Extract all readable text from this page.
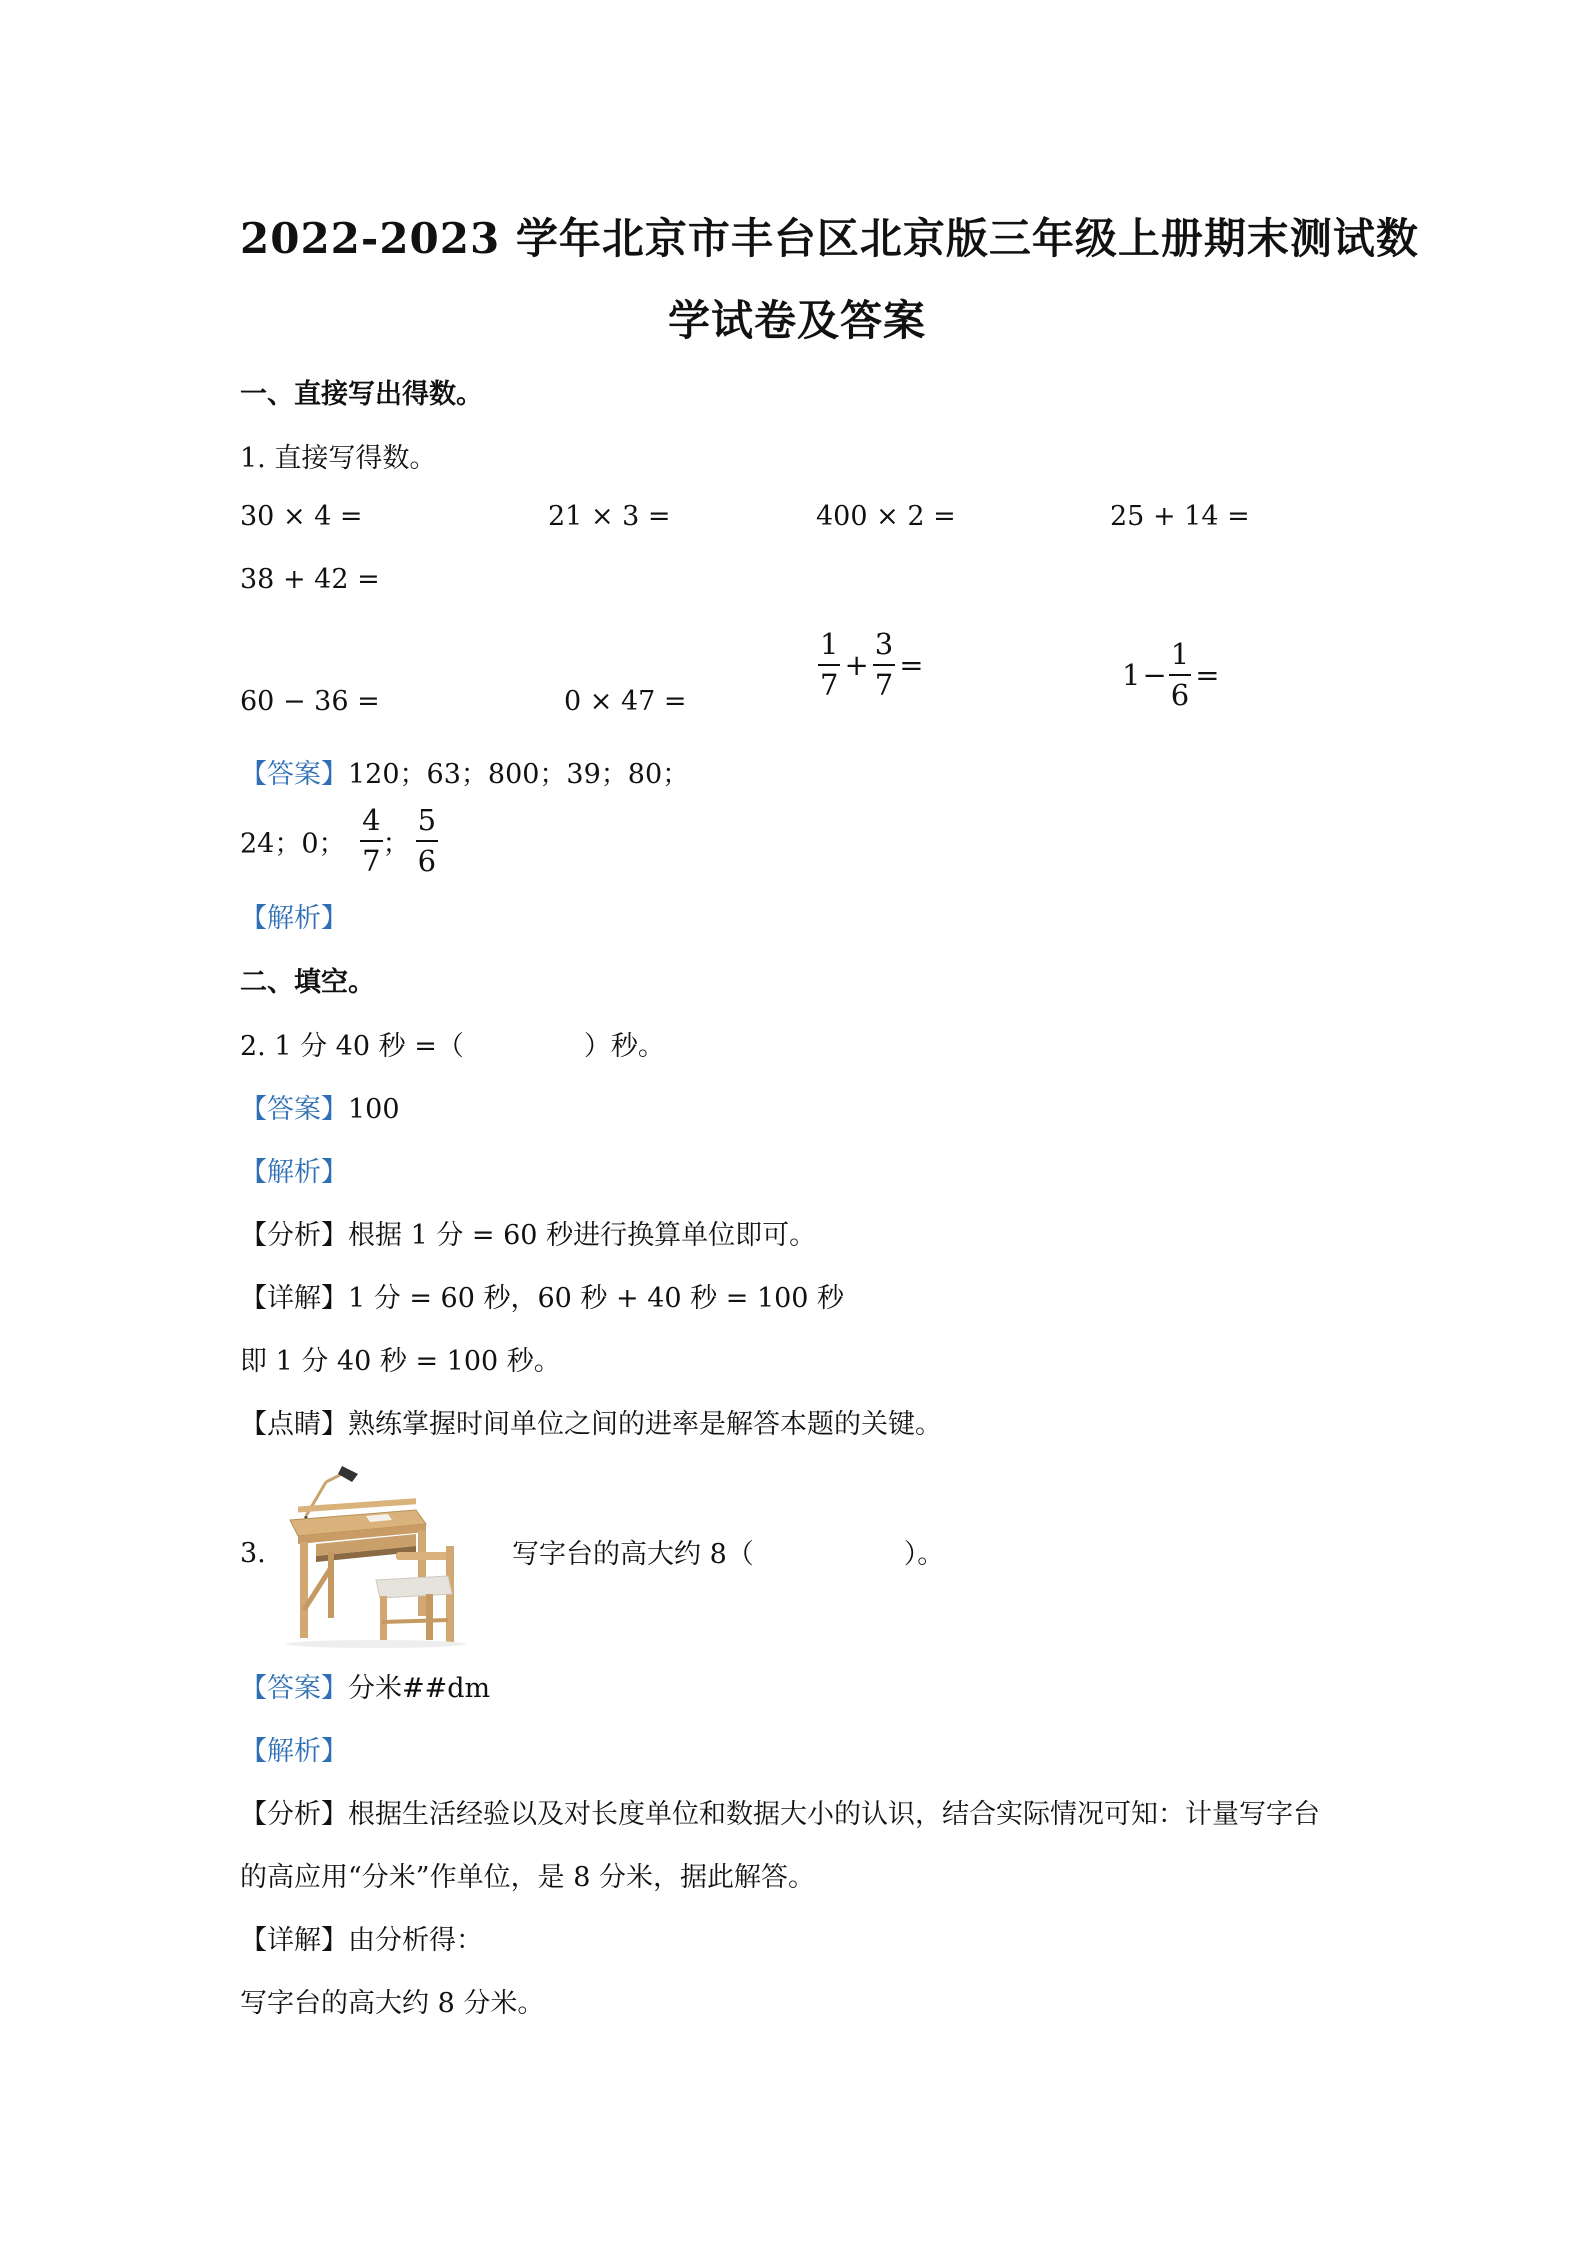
2022-2023 学年北京市丰台区北京版三年级上册期末测试数
学试卷及答案
一、直接写出得数。
1. 直接写得数。
30 × 4 =	21 × 3 =	400 × 2 =	25 + 14 =
38 + 42 =
60 − 36 =	0 × 47 =
$\frac{1}{7} + \frac{3}{7}$ =	$1- \frac{1}{6}$ =
【答案】120；63；800；39；80；
24；0； $\frac{4}{7}$ ； $\frac{5}{6}$
【解析】
二、填空。
2. 1 分 40 秒 =（	）秒。
【答案】100
【解析】
【分析】根据 1 分 = 60 秒进行换算单位即可。
【详解】1 分 = 60 秒，60 秒 + 40 秒 = 100 秒
即 1 分 40 秒 = 100 秒。
【点睛】熟练掌握时间单位之间的进率是解答本题的关键。
3.	写字台的高大约 8（	）。
【答案】分米##dm
【解析】
【分析】根据生活经验以及对长度单位和数据大小的认识，结合实际情况可知：计量写字台
的高应用“分米”作单位，是 8 分米，据此解答。
【详解】由分析得：
写字台的高大约 8 分米。
